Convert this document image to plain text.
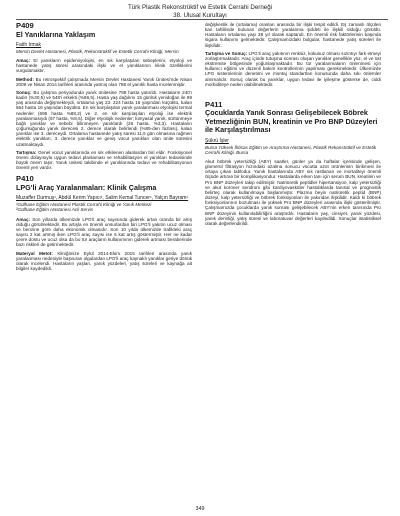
Türk Plastik Rekonstrüktif ve Estetik Cerrahi Derneği
38. Ulusal Kurultayı
P409
El Yanıklarına Yaklaşım
Fatih Irmak
Mersin Devlet Hastanesi, Plastik, Rekonstrüktif ve Estetik Cerrahi Kliniği, Mersin

Amaç: El yanıkların epidemiyolojisi, en sık karşılaşılan sebeplerini, etyoloji ve hastanede yatış süresi arasındaki ilişki ve el yanıklarının klinik özelliklerini vurgulamaktır.

Method: Bu retrospektif çalışmada Mersin Devlet Hastanesi Yanık Ünitesi'nde Nisan 2009 ve Nisan 2014 tarihleri arasında yatmış olan 788 el yanıklı hasta incelenmiştir.

Sonuç: Bu çalışma periyodunda yanık ünitesine 788 hasta yatırıldı. Hastaların 240'ı kadın (%30,5) ve 548'i erkekti (%69,5). Hasta yaş dağılımı 15 günlük yenidoğan ile 89 yaş arasında değişmekteydi, ortalama yaş 23. 224 hasta 16 yaşından küçüktü, kalan 564 hasta 16 yaşından büyüktü. En sık karşılaşılan yanık yaralanması etyolojisi termal nedenler (695 hasta %88,2) ve 2. en sık karşılaşılan etyoloji ise elektrik yaralanmasıydı (67 hasta, %8,5). Diğer etyolojik nedenler; kimyasal yanık, sürtünmeye bağlı yanıklar ve sebebi bilinmeyen yanıklardı (26 hasta, %3,3). Hastaların çoğunluğunda yanık derecesi 2. derece olarak belirlendi (%85-den fazlası), kalan yanıklar ise 3. dereceydi. Ortalama hastanede yatış süresi 11,6 gün olmasına rağmen elektrik yanıkları, 3. derece yanıklar ve geniş vücut yanıkları olan ünite süresini uzatmaktaydı.

Tartışma: Genel vücut yanıklarında en sık etkilenen alanlardan biri eldir. Fonksiyonel önemi dolayısıyla uygun tedavi planlaması ve rehabilitasyon el yanıkları tedavisinde büyük önem taşır. Yanık ünitesi takibinde el yanıklarında tedavi ve rehabilitasyonun önemli yeri vardır.

P410
LPG'li Araç Yaralanmaları: Klinik Çalışma
Muzaffer Durmuş¹, Abdül Kerim Yapıcı¹, Salim Kemal Tuncer¹, Yalçın Bayram¹
¹Gülhane Eğitim Hastanesi Plastik Cerrahi Kliniği ve Yanık Merkezi
²Gülhane Eğitim Hastanesi Acil Servis

Amaç: Son yıllarda ülkemizde LPG'li araç sayısında giderek artan oranda bir artış olduğu görülmektedir. Bu artışla en önemli unsurlardan biri LPG'li yakıtın ucuz olması ve benzine göre daha ekonomik olmasıdır. Son 10 yılda ülkemizde trafikteki araç sayısı 2 kat artmış iken LPG'li araç sayısı ise 5 kat artış göstermiştir. Her ne kadar çevre dostu ve ucuz olsa da bu tür araçların kullanımının giderek artması beraberinde bazı riskleri de getirmektedir.

Materyal Metot: Kliniğimize Eylül 2014-Ekim 2015 tarihleri arasında yanık yaralanması nedeniyle başvuran olgulardan LPG'li araç kaynaklı yanıklar geriye dönük olarak incelendi. Hastaların yaşları, yanık yüzdeleri, yatış süreleri ve kaynağa ait bilgiler kaydedildi.

değişkenlik ile (ortalama) oranları arasında bir ilişki tespit edildi. Eş zamanlı ölçülen kan tahlilinde bulunan değerlerin yaralanma şiddeti ile ilişkili olduğu görüldü. Hastaların ortalama yaşı 38 yıl olarak saptandı. En önemli risk faktörlerinin başında sigara kullanımı gelmektedir. Çalışmamızdaki bulgular, hastanede yatış süreleri ile ilişkilidir.

Tartışma ve Sonuç: LPG'li araç yakıtının renksiz, kokusuz olması sızıntıyı fark etmeyi zorlaştırmaktadır. Araç içinde tutuşma sonrası oluşan yanıklar genellikle yüz, el ve üst ekstremite bölgesinde yoğunlaşmaktadır. Bu tür yaralanmaların önlenmesi için kullanıcı eğitimi ve düzenli bakım kontrollerinin yapılması gerekmektedir. Ülkemizde LPG sistemlerinin denetimi ve montaj standartları konusunda daha sıkı önlemler alınmalıdır. Sonuç olarak bu yanıklar, uygun tedavi ile iyileşme gösterse de, ciddi morbiditeye neden olabilmektedir.

P411
Çocuklarda Yanık Sonrası Gelişebilecek Böbrek Yetmezliğinin BUN, kreatinin ve Pro BNP Düzeyleri ile Karşılaştırılması
Şükrü İşler
Bursa Yüksek İhtisas Eğitim ve Araştırma Hastanesi, Plastik Rekonstrüktif ve Estetik Cerrahi Kliniği, Bursa

Akut böbrek yetersizliği (ABY) saatler, günler ya da haftalar içerisinde gelişen, glomerül filtrasyon hızındaki azalma sonucu vücutta azot ürünlerinin birikmesi ile ortaya çıkan tablodur. Yanık hastalarında ABY sık rastlanan ve mortaliteyi önemli ölçüde artıran bir komplikasyondur. Hastalarda erken tanı için serum BUN, kreatinin ve Pro BNP düzeyleri takip edilmiştir. Natriüretik peptidler hipertansiyon, kalp yetersizliği ve akut koroner sendrom gibi kardiyovasküler hastalıklarda tanısal ve prognostik belirteç olarak kullanılmaya başlanmıştır. Plazma beyin natriüretik peptid (BNP) düzeyi, kalp yetersizliği ve böbrek fonksiyonları ile yakından ilişkilidir. Kaldı ki böbrek fonksiyonlarının bozulması ile yüksek Pro BNP düzeyleri arasında ilişki gösterilmiştir. Çalışmamızda çocuklarda yanık sonrası gelişebilecek ABY'nin erken tanısında Pro BNP düzeyinin kullanılabilirliğini araştırdık. Hastaların yaş, cinsiyet, yanık yüzdesi, yanık derinliği, yatış süresi ve laboratuvar değerleri kaydedildi. Sonuçlar istatistiksel olarak değerlendirildi.

349
